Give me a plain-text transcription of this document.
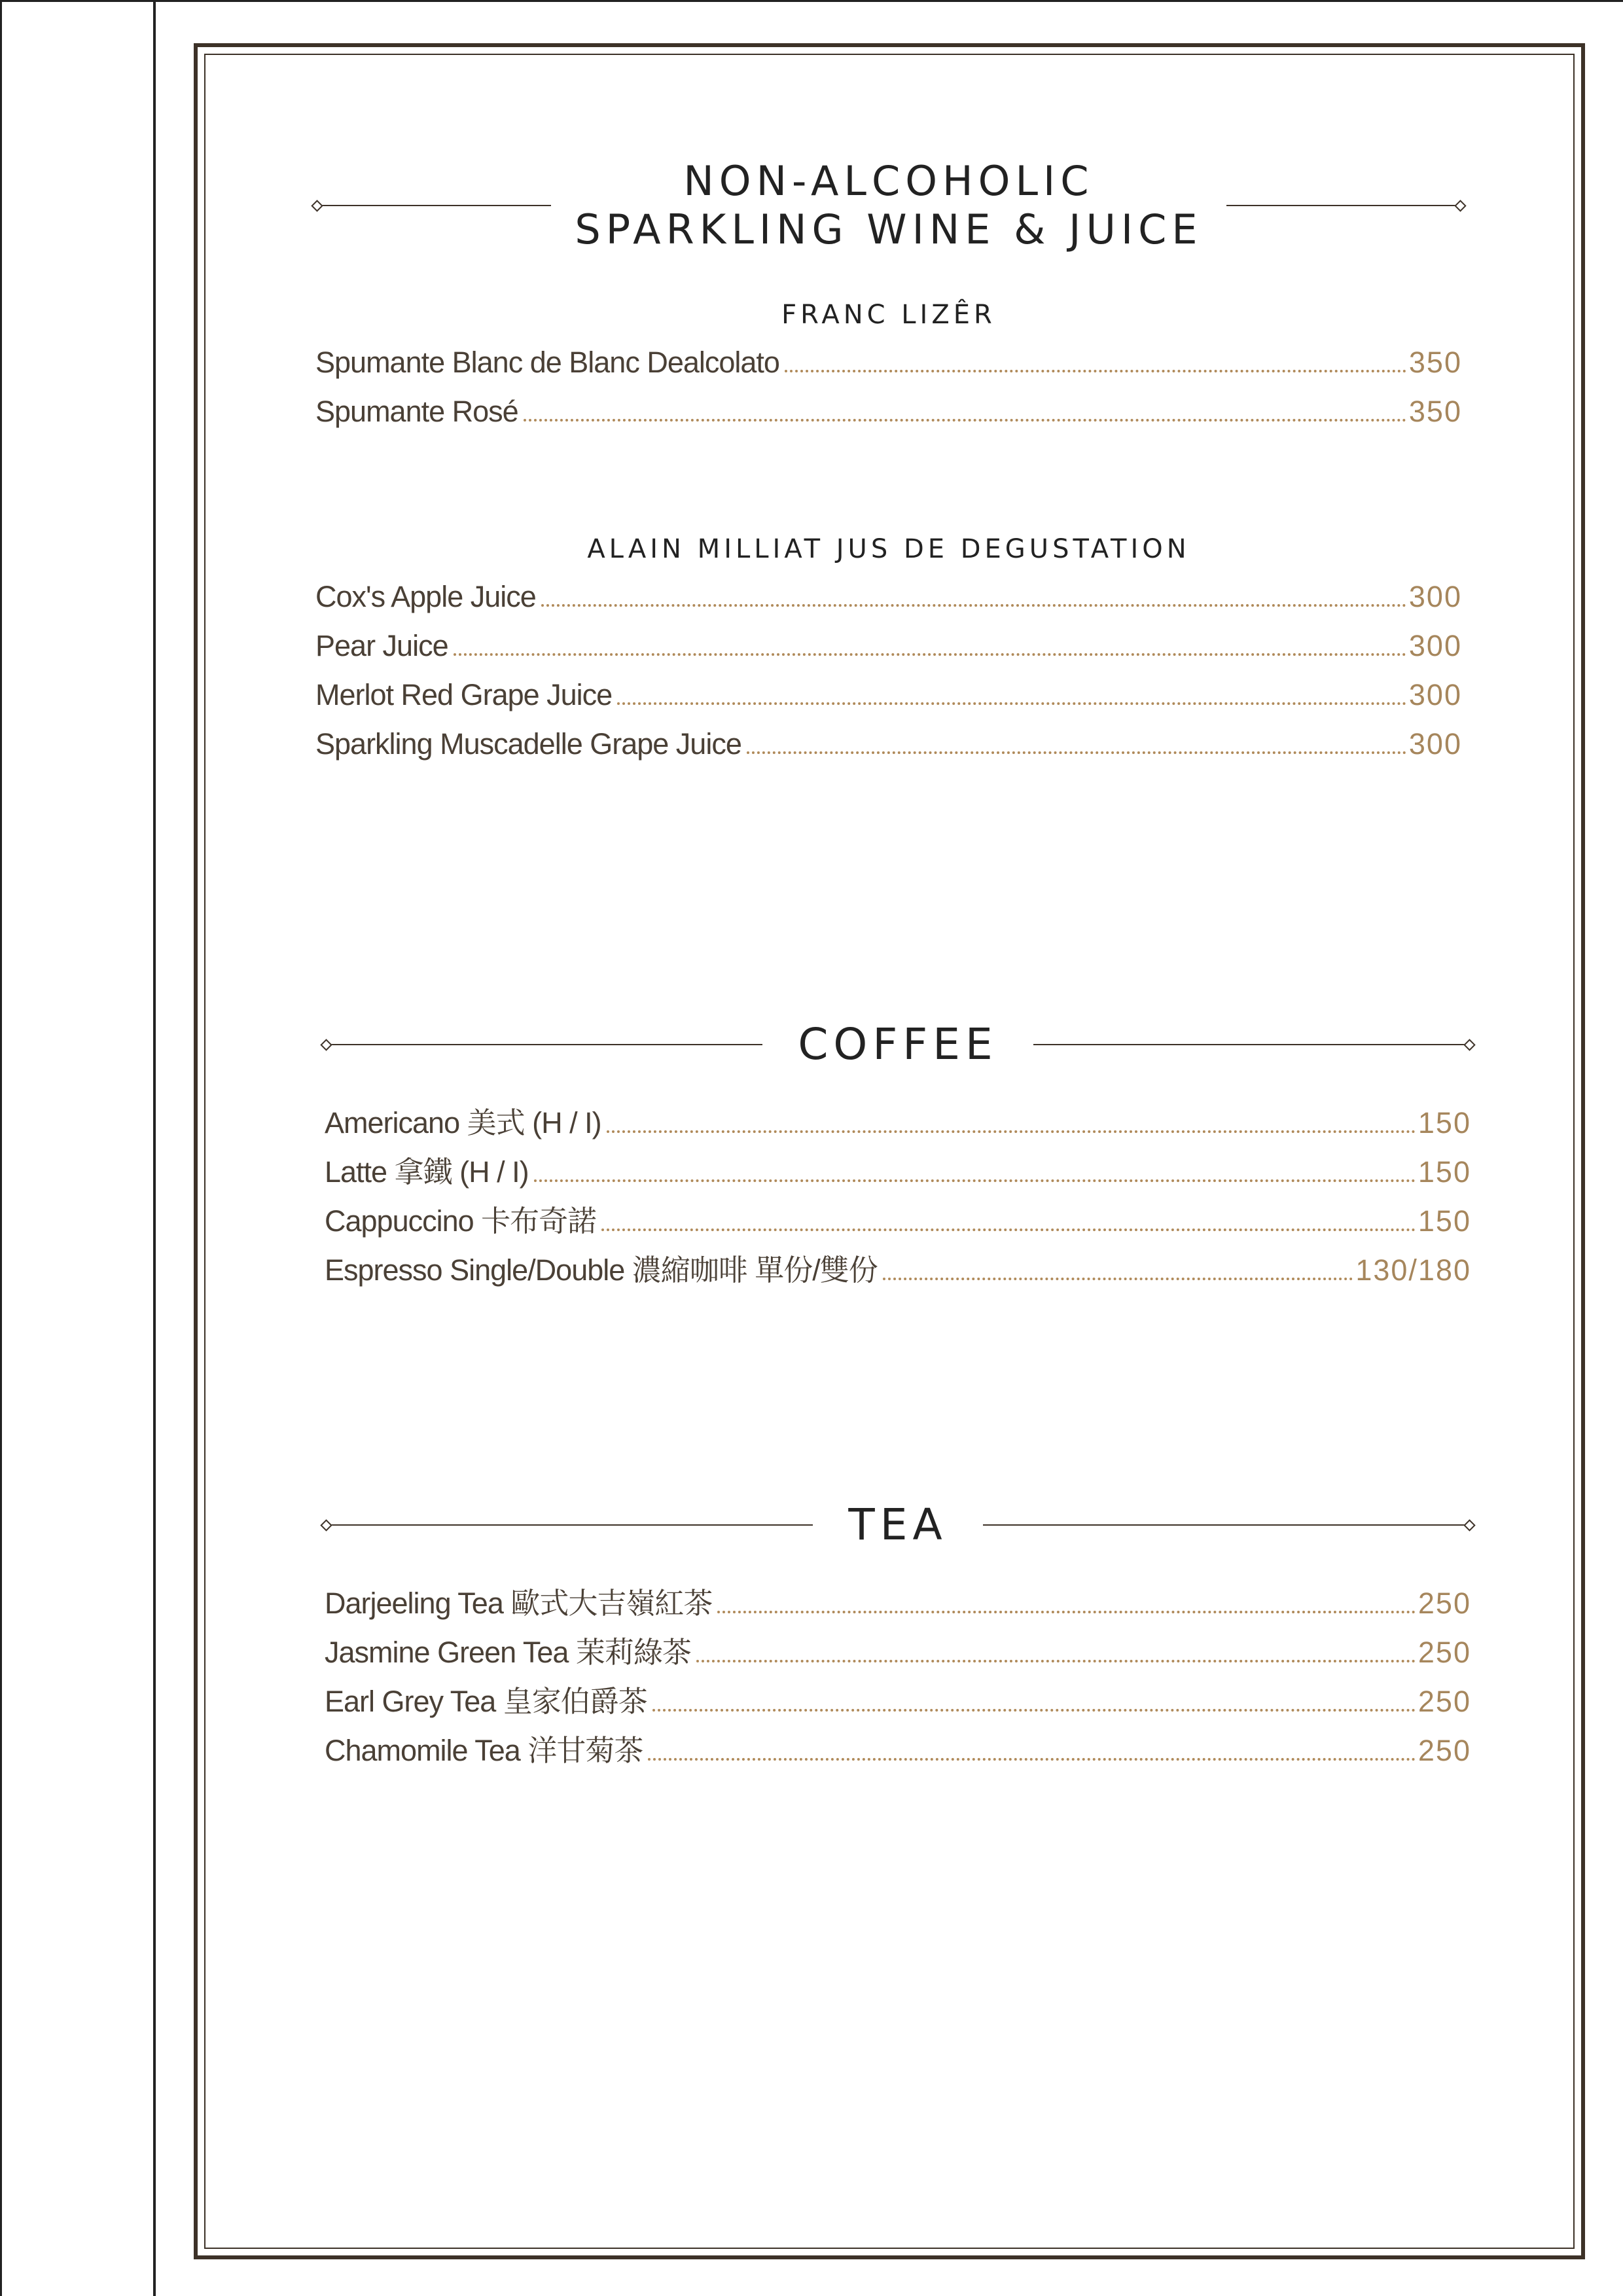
NON-ALCOHOLIC
SPARKLING WINE & JUICE
FRANC LIZÊR
Spumante Blanc de Blanc Dealcolato	350
Spumante Rosé	350
ALAIN MILLIAT JUS DE DEGUSTATION
Cox's Apple Juice	300
Pear Juice	300
Merlot Red Grape Juice	300
Sparkling Muscadelle Grape Juice	300
COFFEE
Americano 美式 (H / I)	150
Latte 拿鐵 (H / I)	150
Cappuccino 卡布奇諾	150
Espresso Single/Double 濃縮咖啡 單份/雙份	130/180
TEA
Darjeeling Tea 歐式大吉嶺紅茶	250
Jasmine Green Tea 茉莉綠茶	250
Earl Grey Tea 皇家伯爵茶	250
Chamomile Tea 洋甘菊茶	250
